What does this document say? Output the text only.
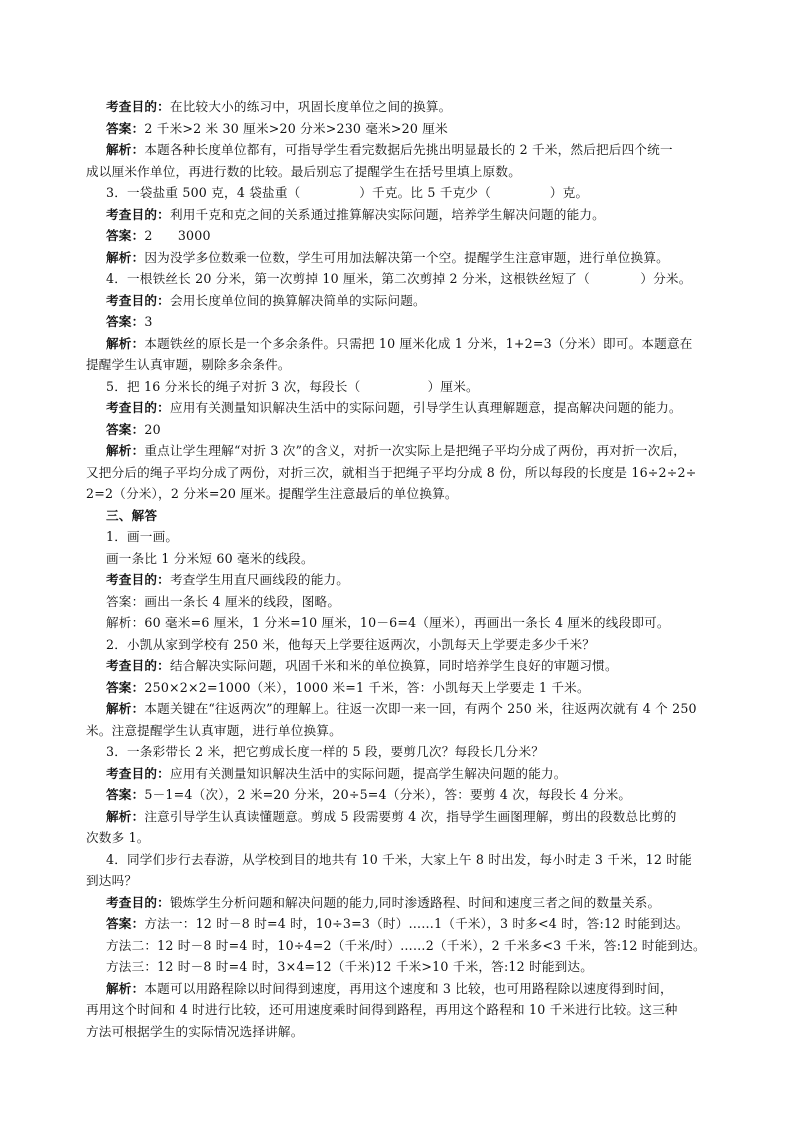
考查目的：在比较大小的练习中，巩固长度单位之间的换算。
答案：2 千米>2 米 30 厘米>20 分米>230 毫米>20 厘米
解析：本题各种长度单位都有，可指导学生看完数据后先挑出明显最长的 2 千米，然后把后四个统一
成以厘米作单位，再进行数的比较。最后别忘了提醒学生在括号里填上原数。
3．一袋盐重 500 克，4 袋盐重（              ）千克。比 5 千克少（              ）克。
考查目的：利用千克和克之间的关系通过推算解决实际问题，培养学生解决问题的能力。
答案：2      3000
解析：因为没学多位数乘一位数，学生可用加法解决第一个空。提醒学生注意审题，进行单位换算。
4．一根铁丝长 20 分米，第一次剪掉 10 厘米，第二次剪掉 2 分米，这根铁丝短了（            ）分米。
考查目的：会用长度单位间的换算解决简单的实际问题。
答案：3
解析：本题铁丝的原长是一个多余条件。只需把 10 厘米化成 1 分米，1+2=3（分米）即可。本题意在
提醒学生认真审题，剔除多余条件。
5．把 16 分米长的绳子对折 3 次，每段长（                ）厘米。
考查目的：应用有关测量知识解决生活中的实际问题，引导学生认真理解题意，提高解决问题的能力。
答案：20
解析：重点让学生理解“对折 3 次”的含义，对折一次实际上是把绳子平均分成了两份，再对折一次后，
又把分后的绳子平均分成了两份，对折三次，就相当于把绳子平均分成 8 份，所以每段的长度是 16÷2÷2÷
2=2（分米），2 分米=20 厘米。提醒学生注意最后的单位换算。
三、解答
1．画一画。
画一条比 1 分米短 60 毫米的线段。
考查目的：考查学生用直尺画线段的能力。
答案：画出一条长 4 厘米的线段，图略。
解析：60 毫米=6 厘米，1 分米=10 厘米，10－6=4（厘米），再画出一条长 4 厘米的线段即可。
2．小凯从家到学校有 250 米，他每天上学要往返两次，小凯每天上学要走多少千米？
考查目的：结合解决实际问题，巩固千米和米的单位换算，同时培养学生良好的审题习惯。
答案：250×2×2=1000（米），1000 米=1 千米，答：小凯每天上学要走 1 千米。
解析：本题关键在“往返两次”的理解上。往返一次即一来一回，有两个 250 米，往返两次就有 4 个 250
米。注意提醒学生认真审题，进行单位换算。
3．一条彩带长 2 米，把它剪成长度一样的 5 段，要剪几次？每段长几分米？
考查目的：应用有关测量知识解决生活中的实际问题，提高学生解决问题的能力。
答案：5－1=4（次），2 米=20 分米，20÷5=4（分米），答：要剪 4 次，每段长 4 分米。
解析：注意引导学生认真读懂题意。剪成 5 段需要剪 4 次，指导学生画图理解，剪出的段数总比剪的
次数多 1。
4．同学们步行去春游，从学校到目的地共有 10 千米，大家上午 8 时出发，每小时走 3 千米，12 时能
到达吗？
考查目的：锻炼学生分析问题和解决问题的能力,同时渗透路程、时间和速度三者之间的数量关系。
答案：方法一：12 时－8 时=4 时，10÷3=3（时）……1（千米），3 时多<4 时，答:12 时能到达。
方法二：12 时－8 时=4 时，10÷4=2（千米/时）……2（千米），2 千米多<3 千米，答:12 时能到达。
方法三：12 时－8 时=4 时，3×4=12（千米)12 千米>10 千米，答:12 时能到达。
解析：本题可以用路程除以时间得到速度，再用这个速度和 3 比较，也可用路程除以速度得到时间，
再用这个时间和 4 时进行比较，还可用速度乘时间得到路程，再用这个路程和 10 千米进行比较。这三种
方法可根据学生的实际情况选择讲解。
